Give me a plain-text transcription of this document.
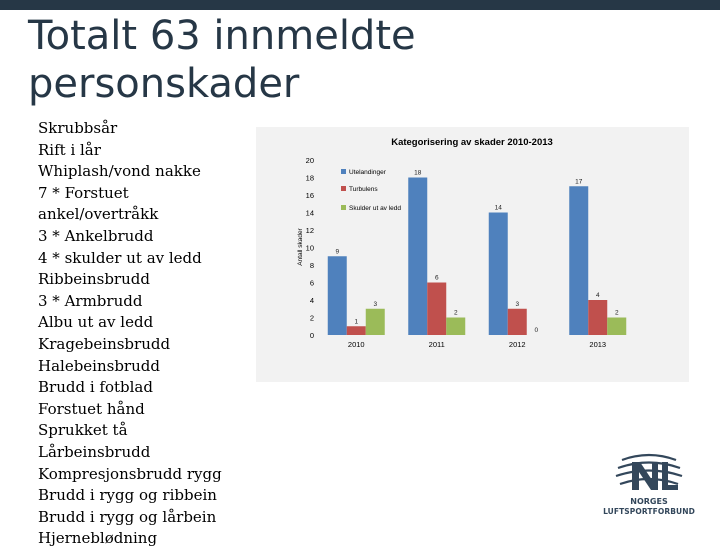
Totalt 63 innmeldte
personskader
Skrubbsår
Rift i lår
Whiplash/vond nakke
7 * Forstuet
ankel/overtråkk
3 * Ankelbrudd
4 * skulder ut av ledd
Ribbeinsbrudd
3 * Armbrudd
Albu ut av ledd
Kragebeinsbrudd
Halebeinsbrudd
Brudd i fotblad
Forstuet hånd
Sprukket tå
Lårbeinsbrudd
Kompresjonsbrudd rygg
Brudd i rygg og ribbein
Brudd i rygg og lårbein
Hjerneblødning
Kategorisering av skader 2010-2013
0
2
4
6
8
10
12
14
16
18
20
Antall skader	9
1
3
2010
18
6
2
2011
14
3
0
2012
17
4
2
2013
Utelandinger
Turbulens
Skulder ut av ledd
NORGES
LUFTSPORTFORBUND
